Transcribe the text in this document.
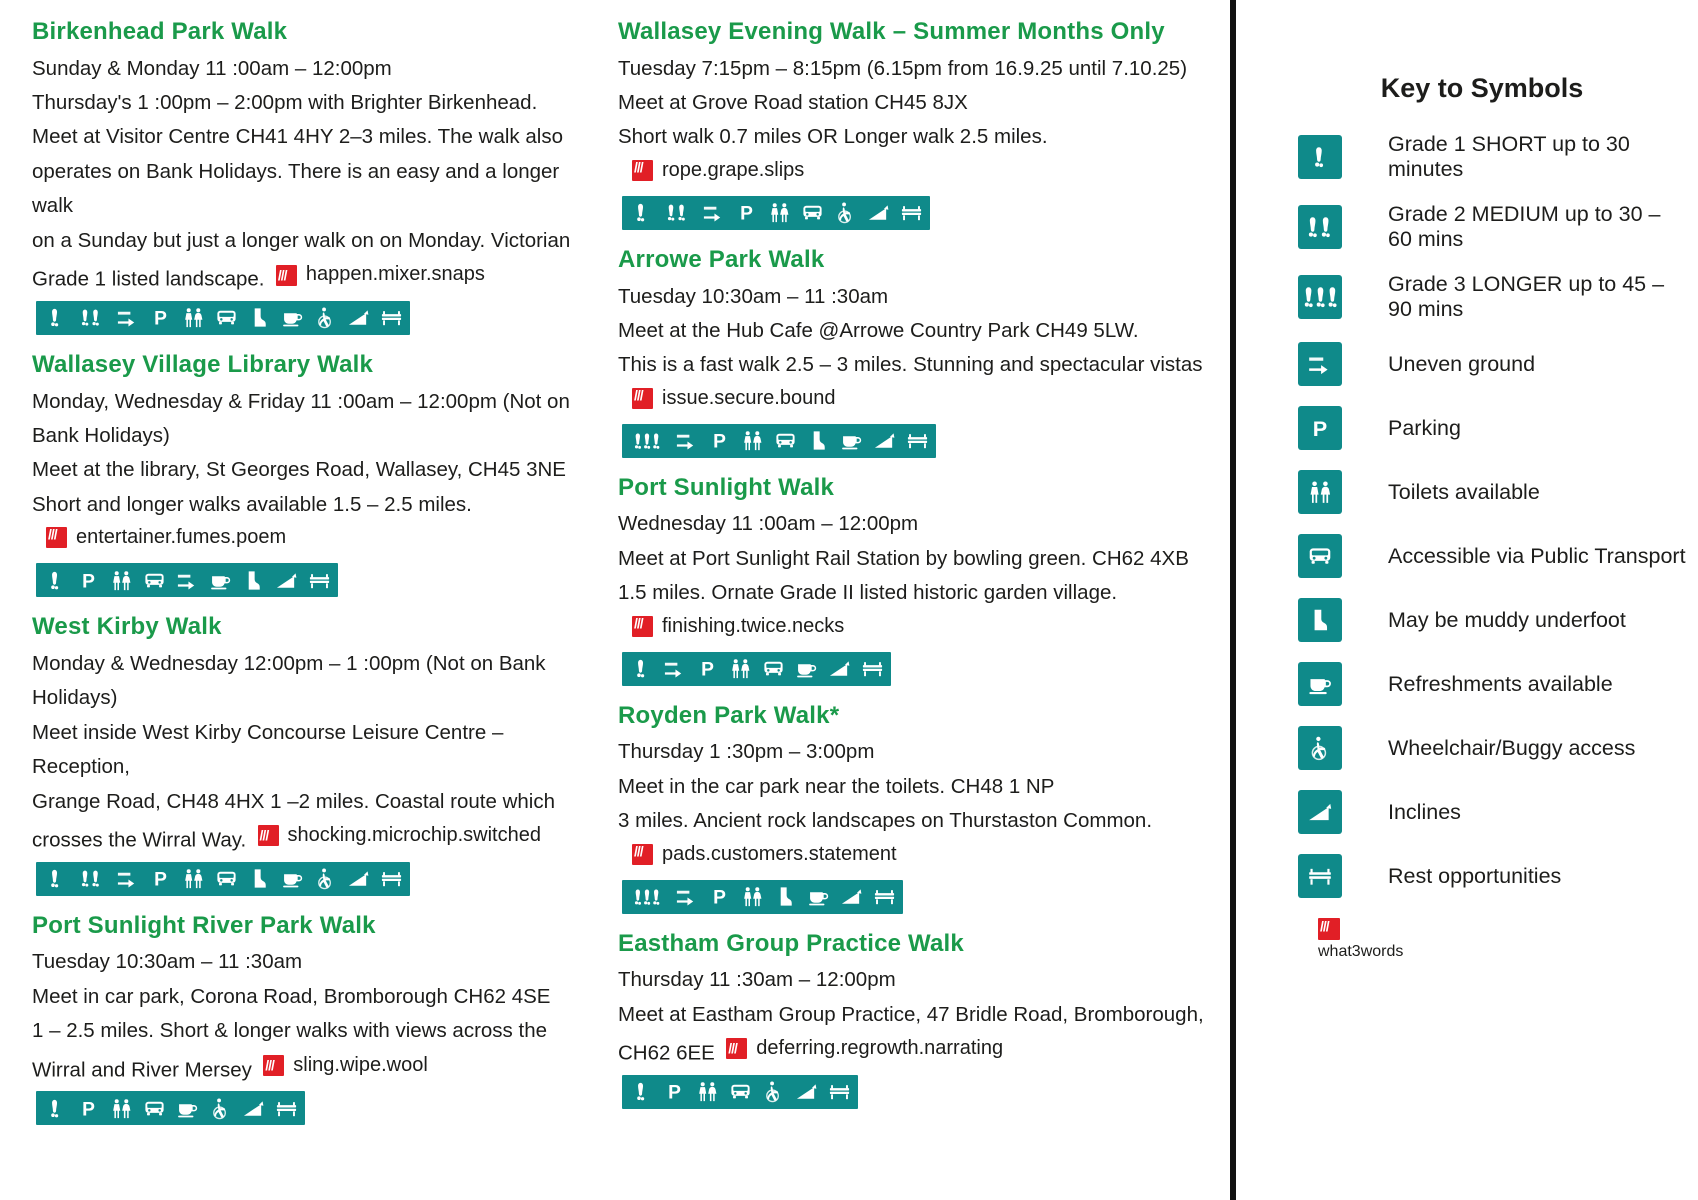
Birkenhead Park Walk
Sunday & Monday 11 :00am – 12:00pm
Thursday's 1 :00pm – 2:00pm with Brighter Birkenhead.
Meet at Visitor Centre CH41 4HY 2–3 miles. The walk also
operates on Bank Holidays. There is an easy and a longer walk
on a Sunday but just a longer walk on on Monday. Victorian
Grade 1 listed landscape. /// happen.mixer.snaps
P
Wallasey Village Library Walk
Monday, Wednesday & Friday 11 :00am – 12:00pm (Not on
Bank Holidays)
Meet at the library, St Georges Road, Wallasey, CH45 3NE
Short and longer walks available 1.5 – 2.5 miles.
///
entertainer.fumes.poem
P
West Kirby Walk
Monday & Wednesday 12:00pm – 1 :00pm (Not on Bank
Holidays)
Meet inside West Kirby Concourse Leisure Centre – Reception,
Grange Road, CH48 4HX 1 –2 miles. Coastal route which
crosses the Wirral Way. /// shocking.microchip.switched
P
Port Sunlight River Park Walk
Tuesday 10:30am – 11 :30am
Meet in car park, Corona Road, Bromborough CH62 4SE
1 – 2.5 miles. Short & longer walks with views across the
Wirral and River Mersey /// sling.wipe.wool
P
Wallasey Evening Walk – Summer Months Only
Tuesday 7:15pm – 8:15pm (6.15pm from 16.9.25 until 7.10.25)
Meet at Grove Road station CH45 8JX
Short walk 0.7 miles OR Longer walk 2.5 miles.
///
rope.grape.slips
P
Arrowe Park Walk
Tuesday 10:30am – 11 :30am
Meet at the Hub Cafe @Arrowe Country Park CH49 5LW.
This is a fast walk 2.5 – 3 miles. Stunning and spectacular vistas
///
issue.secure.bound
P
Port Sunlight Walk
Wednesday 11 :00am – 12:00pm
Meet at Port Sunlight Rail Station by bowling green. CH62 4XB
1.5 miles. Ornate Grade II listed historic garden village.
///
finishing.twice.necks
P
Royden Park Walk*
Thursday 1 :30pm – 3:00pm
Meet in the car park near the toilets. CH48 1 NP
3 miles. Ancient rock landscapes on Thurstaston Common.
///
pads.customers.statement
P
Eastham Group Practice Walk
Thursday 11 :30am – 12:00pm
Meet at Eastham Group Practice, 47 Bridle Road, Bromborough,
CH62 6EE /// deferring.regrowth.narrating
P
Key to Symbols
Grade 1 SHORT up to 30 minutes
Grade 2 MEDIUM up to 30 – 60 mins
Grade 3 LONGER up to 45 – 90 mins
Uneven ground
P	Parking
Toilets available
Accessible via Public Transport
May be muddy underfoot
Refreshments available
Wheelchair/Buggy access
Inclines
Rest opportunities
///
what3words
